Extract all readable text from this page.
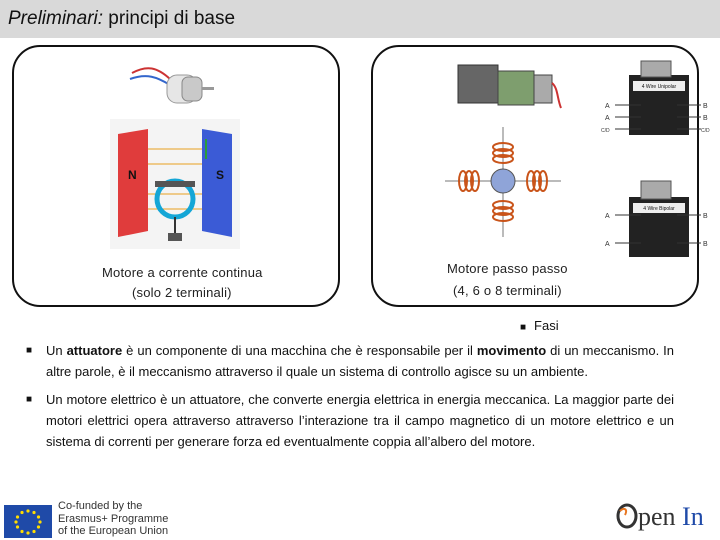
Preliminari: principi di base
N	S
Motore a corrente continua
(solo 2 terminali)
4 Wire Unipolar
A
A
C/D
B
B
C/D
4 Wire Bipolar
A
A
B
B
Motore passo passo
(4, 6 o 8 terminali)
■ Fasi
■ Un attuatore è un componente di una macchina che è responsabile per il movimento di un meccanismo. In altre parole, è il meccanismo attraverso il quale un sistema di controllo agisce su un ambiente.
■ Un motore elettrico è un attuatore, che converte energia elettrica in energia meccanica. La maggior parte dei motori elettrici opera attraverso attraverso l’interazione tra il campo magnetico di un motore elettrico e un sistema di correnti per generare forza ed eventualmente coppia all’albero del motore.
Co-funded by the
Erasmus+ Programme
of the European Union	pen In
